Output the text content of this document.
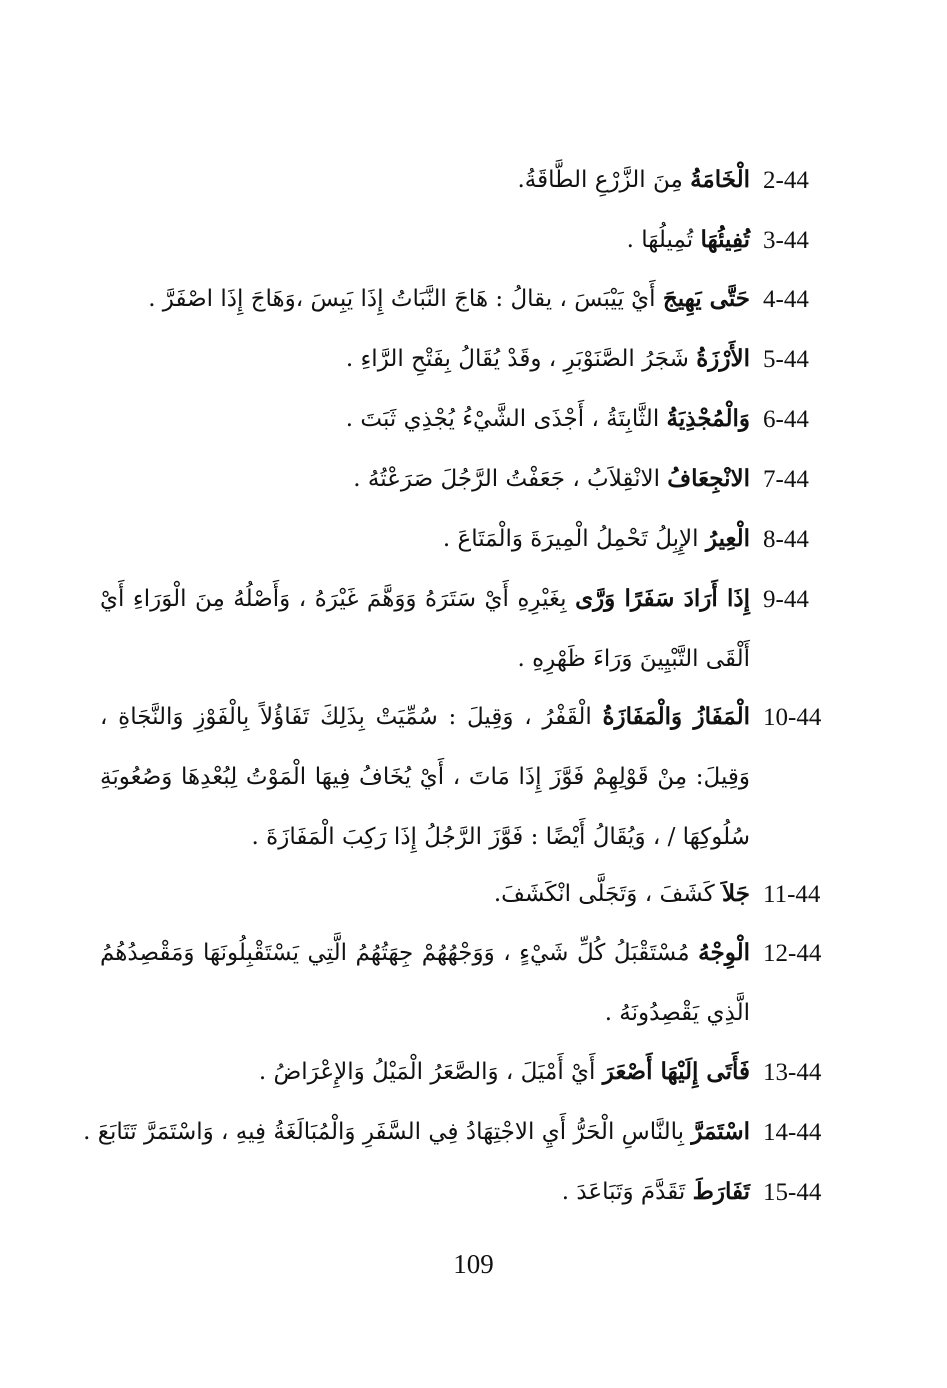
2-44
الْخَامَةُ مِنَ الزَّرْعِ الطَّاقَةُ.
3-44
تُفِيئُهَا تُمِيلُهَا .
4-44
حَتَّى يَهِيجَ أَيْ يَيْبَسَ ، يقالُ : هَاجَ النَّبَاتُ إِذَا يَبِسَ ،وَهَاجَ إِذَا اصْفَرَّ .
5-44
الأَرْزَةُ شَجَرُ الصَّنَوْبَرِ ، وقَدْ يُقَالُ بِفَتْحِ الرَّاءِ .
6-44
وَالْمُجْذِيَةُ الثَّابِتَةُ ، أَجْذَى الشَّيْءُ يُجْذِي ثَبَتَ .
7-44
الانْجِعَافُ الانْقِلاَبُ ، جَعَفْتُ الرَّجُلَ صَرَعْتُهُ .
8-44
الْعِيرُ الإِبِلُ تَحْمِلُ الْمِيرَةَ وَالْمَتَاعَ .
9-44
إِذَا أَرَادَ سَفَرًا وَرَّى بِغَيْرِهِ أَيْ سَتَرَهُ وَوَهَّمَ غَيْرَهُ ، وَأَصْلُهُ مِنَ الْوَرَاءِ أَيْ أَلْقَى التَّبْيِينَ وَرَاءَ ظَهْرِهِ .
10-44
الْمَفَازُ وَالْمَفَازَةُ الْقَفْرُ ، وَقِيلَ : سُمِّيَتْ بِذَلِكَ تَفَاؤُلاً بِالْفَوْزِ وَالنَّجَاةِ ، وَقِيلَ: مِنْ قَوْلِهِمْ فَوَّزَ إِذَا مَاتَ ، أَيْ يُخَافُ فِيهَا الْمَوْتُ لِبُعْدِهَا وَصُعُوبَةِ سُلُوكِهَا / ، وَيُقَالُ أَيْضًا : فَوَّزَ الرَّجُلُ إِذَا رَكِبَ الْمَفَازَةَ .
11-44
جَلاَ كَشَفَ ، وَتَجَلَّى انْكَشَفَ.
12-44
الْوِجْهُ مُسْتَقْبَلُ كُلِّ شَيْءٍ ، وَوَجْهُهُمْ جِهَتُهُمُ الَّتِي يَسْتَقْبِلُونَهَا وَمَقْصِدُهُمُ الَّذِي يَقْصِدُونَهُ .
13-44
فَأَتَى إِلَيْهَا أَصْعَرَ أَيْ أَمْيَلَ ، وَالصَّعَرُ الْمَيْلُ وَالإِعْرَاضُ .
14-44
اسْتَمَرَّ بِالنَّاسِ الْحَرُّ أَيِ الاجْتِهَادُ فِي السَّفَرِ وَالْمُبَالَغَةُ فِيهِ ، وَاسْتَمَرَّ تَتَابَعَ .
15-44
تَفَارَطَ تَقَدَّمَ وَتَبَاعَدَ .
109
